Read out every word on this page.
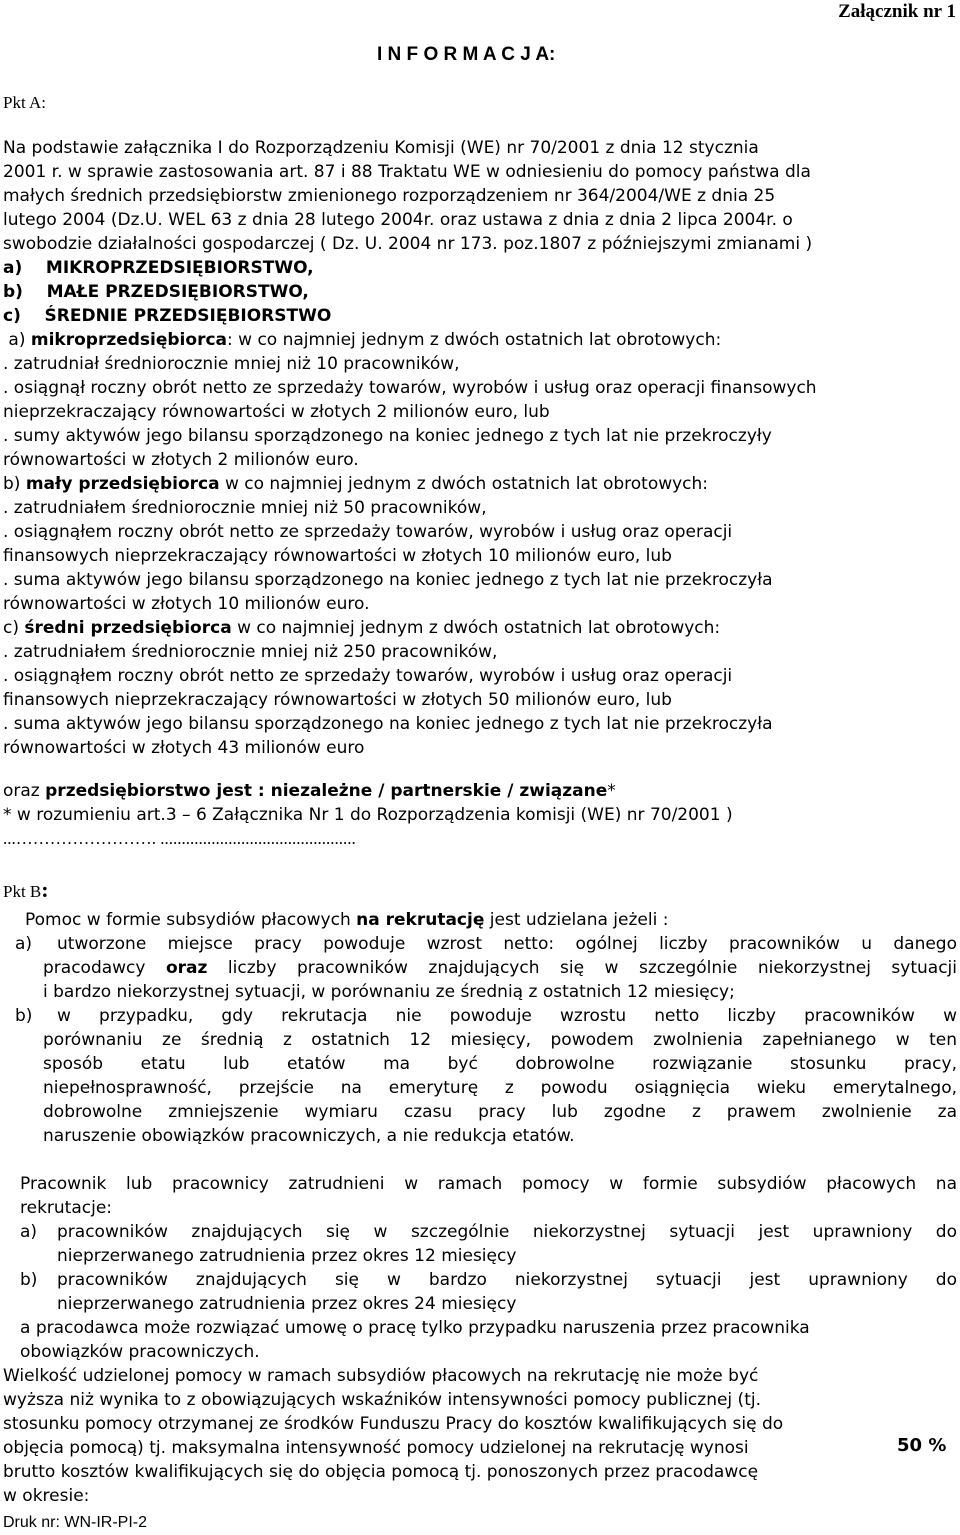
Załącznik nr 1
I N F O R M A C J A:
Pkt A:
Na podstawie załącznika I do Rozporządzeniu Komisji (WE) nr 70/2001 z dnia 12 stycznia
2001 r. w sprawie zastosowania art. 87 i 88 Traktatu WE w odniesieniu do pomocy państwa dla
małych średnich przedsiębiorstw zmienionego rozporządzeniem nr 364/2004/WE z dnia 25
lutego 2004 (Dz.U. WEL 63 z dnia 28 lutego 2004r. oraz ustawa z dnia z dnia 2 lipca 2004r. o
swobodzie działalności gospodarczej ( Dz. U. 2004 nr 173. poz.1807 z późniejszymi zmianami )
a)    MIKROPRZEDSIĘBIORSTWO,
b)    MAŁE PRZEDSIĘBIORSTWO,
c)    ŚREDNIE PRZEDSIĘBIORSTWO
a) mikroprzedsiębiorca: w co najmniej jednym z dwóch ostatnich lat obrotowych:
. zatrudniał średniorocznie mniej niż 10 pracowników,
. osiągnął roczny obrót netto ze sprzedaży towarów, wyrobów i usług oraz operacji finansowych
nieprzekraczający równowartości w złotych 2 milionów euro, lub
. sumy aktywów jego bilansu sporządzonego na koniec jednego z tych lat nie przekroczyły
równowartości w złotych 2 milionów euro.
b) mały przedsiębiorca w co najmniej jednym z dwóch ostatnich lat obrotowych:
. zatrudniałem średniorocznie mniej niż 50 pracowników,
. osiągnąłem roczny obrót netto ze sprzedaży towarów, wyrobów i usług oraz operacji
finansowych nieprzekraczający równowartości w złotych 10 milionów euro, lub
. suma aktywów jego bilansu sporządzonego na koniec jednego z tych lat nie przekroczyła
równowartości w złotych 10 milionów euro.
c) średni przedsiębiorca w co najmniej jednym z dwóch ostatnich lat obrotowych:
. zatrudniałem średniorocznie mniej niż 250 pracowników,
. osiągnąłem roczny obrót netto ze sprzedaży towarów, wyrobów i usług oraz operacji
finansowych nieprzekraczający równowartości w złotych 50 milionów euro, lub
. suma aktywów jego bilansu sporządzonego na koniec jednego z tych lat nie przekroczyła
równowartości w złotych 43 milionów euro
oraz przedsiębiorstwo jest : niezależne / partnerskie / związane*
* w rozumieniu art.3 – 6 Załącznika Nr 1 do Rozporządzenia komisji (WE) nr 70/2001 )
...……………………. ..............................................
Pkt B:
Pomoc w formie subsydiów płacowych na rekrutację jest udzielana jeżeli :
a) utworzone miejsce pracy powoduje wzrost netto: ogólnej liczby pracowników u danego
pracodawcy oraz liczby pracowników znajdujących się w szczególnie niekorzystnej sytuacji
i bardzo niekorzystnej sytuacji, w porównaniu ze średnią z ostatnich 12 miesięcy;
b) w przypadku, gdy rekrutacja nie powoduje wzrostu netto liczby pracowników w
porównaniu ze średnią z ostatnich 12 miesięcy, powodem zwolnienia zapełnianego w ten
sposób etatu lub etatów ma być dobrowolne rozwiązanie stosunku pracy,
niepełnosprawność, przejście na emeryturę z powodu osiągnięcia wieku emerytalnego,
dobrowolne zmniejszenie wymiaru czasu pracy lub zgodne z prawem zwolnienie za
naruszenie obowiązków pracowniczych, a nie redukcja etatów.
Pracownik lub pracownicy zatrudnieni w ramach pomocy w formie subsydiów płacowych na
rekrutacje:
a) pracowników znajdujących się w szczególnie niekorzystnej sytuacji jest uprawniony do
nieprzerwanego zatrudnienia przez okres 12 miesięcy
b) pracowników znajdujących się w bardzo niekorzystnej sytuacji jest uprawniony do
nieprzerwanego zatrudnienia przez okres 24 miesięcy
a pracodawca może rozwiązać umowę o pracę tylko przypadku naruszenia przez pracownika
obowiązków pracowniczych.
Wielkość udzielonej pomocy w ramach subsydiów płacowych na rekrutację nie może być
wyższa niż wynika to z obowiązujących wskaźników intensywności pomocy publicznej (tj.
stosunku pomocy otrzymanej ze środków Funduszu Pracy do kosztów kwalifikujących się do
objęcia pomocą) tj. maksymalna intensywność pomocy udzielonej na rekrutację wynosi	50 %
brutto kosztów kwalifikujących się do objęcia pomocą tj. ponoszonych przez pracodawcę
w okresie:
Druk nr: WN-IR-PI-2
